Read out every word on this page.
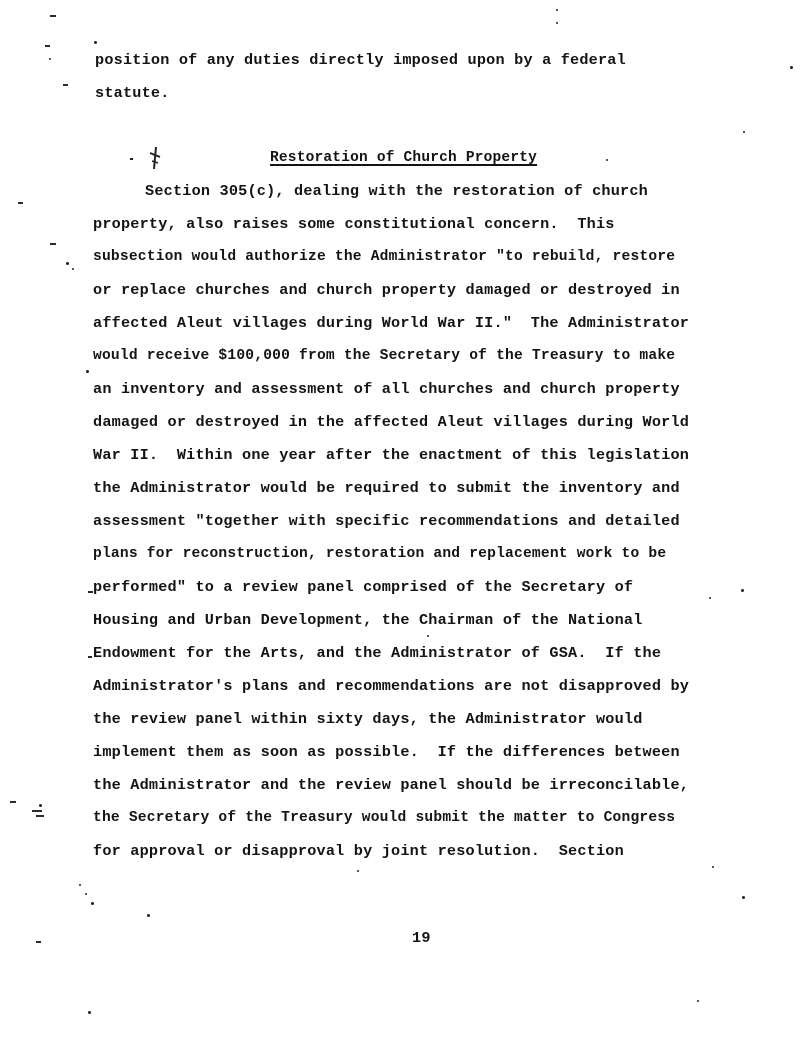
position of any duties directly imposed upon by a federal
statute.
Restoration of Church Property
Section 305(c), dealing with the restoration of church
property, also raises some constitutional concern.  This
subsection would authorize the Administrator "to rebuild, restore
or replace churches and church property damaged or destroyed in
affected Aleut villages during World War II."  The Administrator
would receive $100,000 from the Secretary of the Treasury to make
an inventory and assessment of all churches and church property
damaged or destroyed in the affected Aleut villages during World
War II.  Within one year after the enactment of this legislation
the Administrator would be required to submit the inventory and
assessment "together with specific recommendations and detailed
plans for reconstruction, restoration and replacement work to be
performed" to a review panel comprised of the Secretary of
Housing and Urban Development, the Chairman of the National
Endowment for the Arts, and the Administrator of GSA.  If the
Administrator's plans and recommendations are not disapproved by
the review panel within sixty days, the Administrator would
implement them as soon as possible.  If the differences between
the Administrator and the review panel should be irreconcilable,
the Secretary of the Treasury would submit the matter to Congress
for approval or disapproval by joint resolution.  Section
19
